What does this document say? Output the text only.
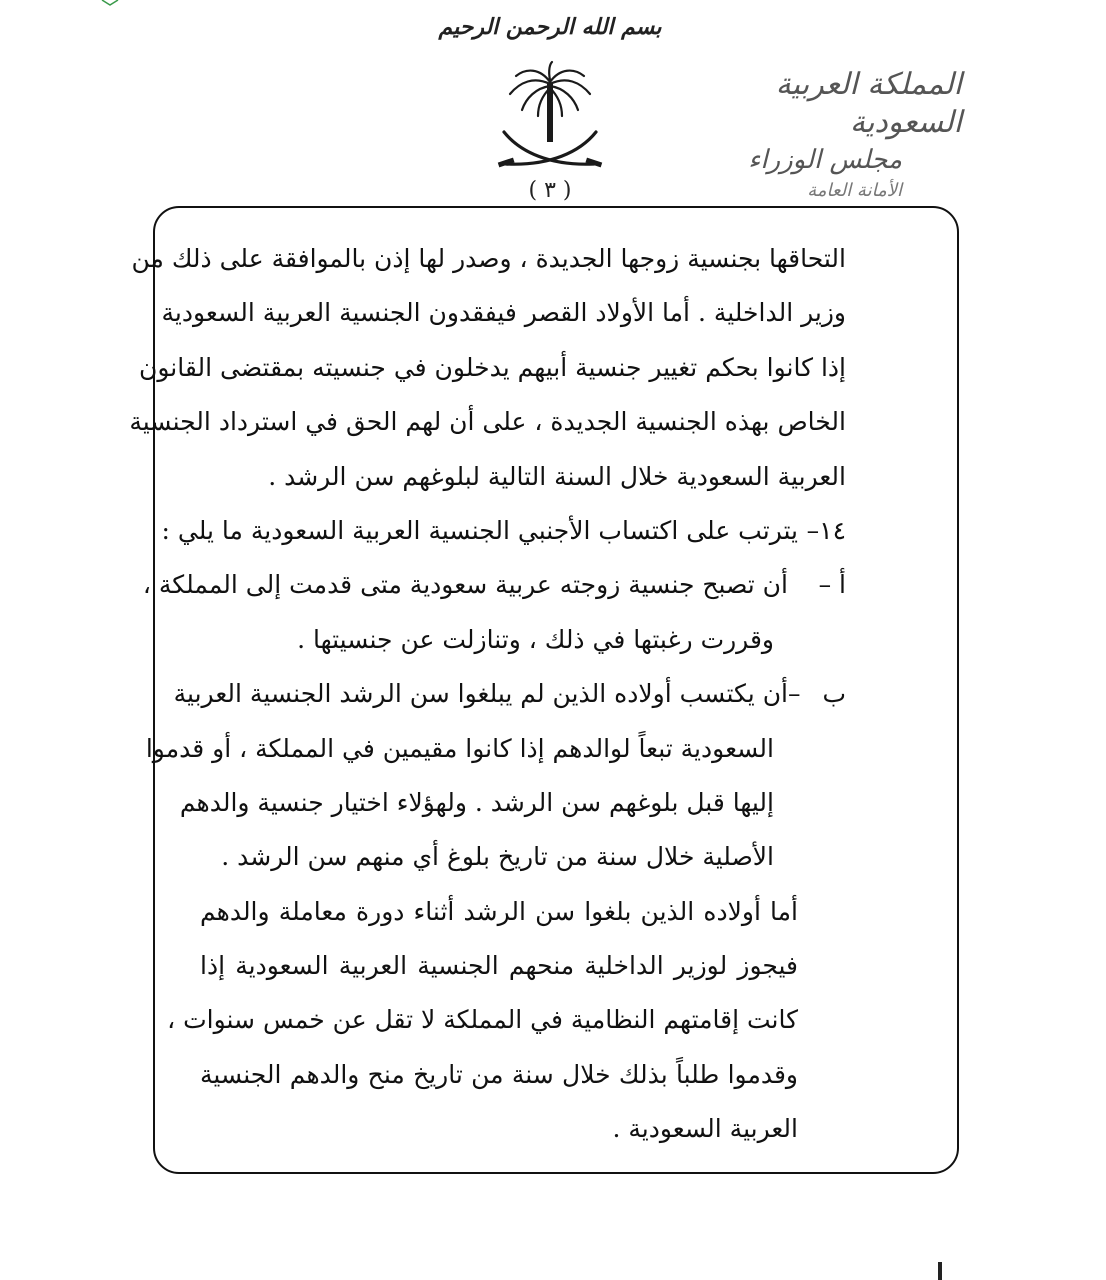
بسم الله الرحمن الرحيم
( ٣ )
المملكة العربية السعودية
مجلس الوزراء
الأمانة العامة
التحاقها بجنسية زوجها الجديدة ، وصدر لها إذن بالموافقة على ذلك من
وزير الداخلية . أما الأولاد القصر فيفقدون الجنسية العربية السعودية
إذا كانوا بحكم تغيير جنسية أبيهم يدخلون في جنسيته بمقتضى القانون
الخاص بهذه الجنسية الجديدة ، على أن لهم الحق في استرداد الجنسية
العربية السعودية خلال السنة التالية لبلوغهم سن الرشد .
١٤–يترتب على اكتساب الأجنبي الجنسية العربية السعودية ما يلي :
أ –أن تصبح جنسية زوجته عربية سعودية متى قدمت إلى المملكة ،
وقررت رغبتها في ذلك ، وتنازلت عن جنسيتها .
ب –أن يكتسب أولاده الذين لم يبلغوا سن الرشد الجنسية العربية
السعودية تبعاً لوالدهم إذا كانوا مقيمين في المملكة ، أو قدموا
إليها قبل بلوغهم سن الرشد . ولهؤلاء اختيار جنسية والدهم
الأصلية خلال سنة من تاريخ بلوغ أي منهم سن الرشد .
أما أولاده الذين بلغوا سن الرشد أثناء دورة معاملة والدهم
فيجوز لوزير الداخلية منحهم الجنسية العربية السعودية إذا
كانت إقامتهم النظامية في المملكة لا تقل عن خمس سنوات ،
وقدموا طلباً بذلك خلال سنة من تاريخ منح والدهم الجنسية
العربية السعودية .
